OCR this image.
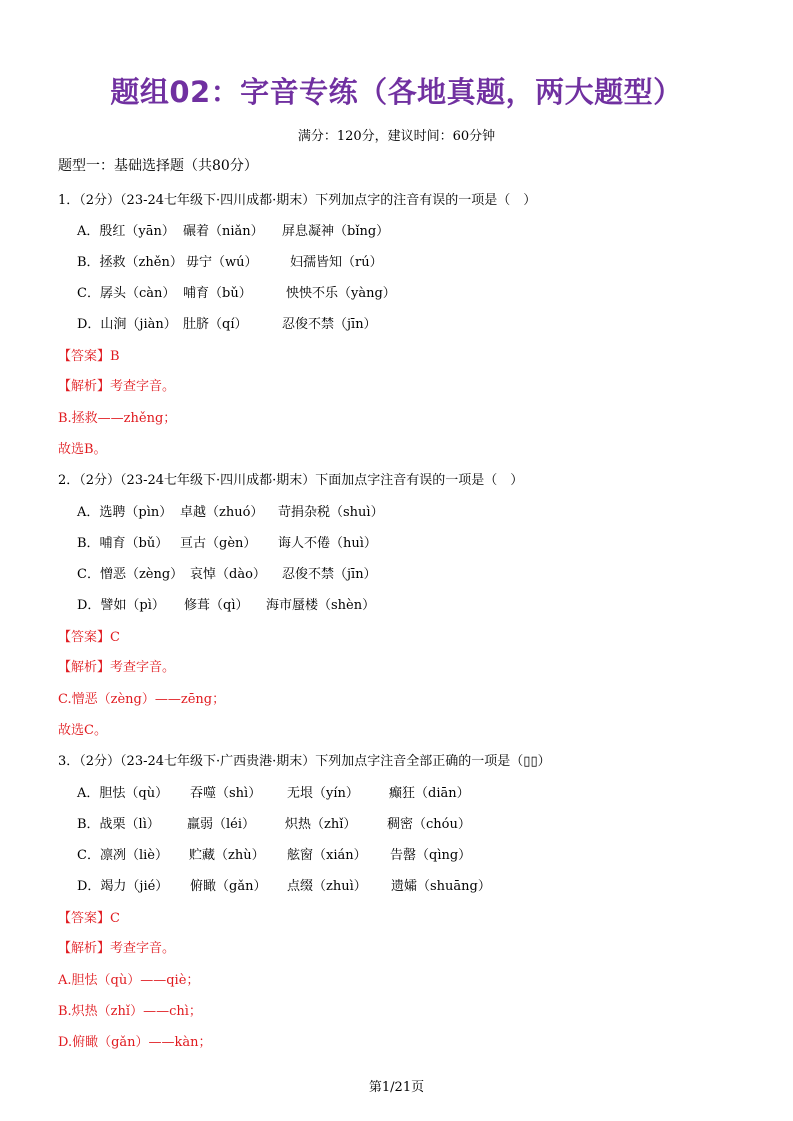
题组02：字音专练（各地真题，两大题型）
满分：120分，建议时间：60分钟
题型一：基础选择题（共80分）
1．（2分）（23-24七年级下·四川成都·期末）下列加点字的注音有误的一项是（　）
A．殷红（yān） 碾着（niǎn） 屏息凝神（bǐng）
B．拯救（zhěn） 毋宁（wú） 妇孺皆知（rú）
C．孱头（càn） 哺育（bǔ）	怏怏不乐（yàng）
D．山涧（jiàn） 肚脐（qí）	忍俊不禁（jīn）
【答案】B
【解析】考查字音。
B.拯救——zhěng；
故选B。
2．（2分）（23-24七年级下·四川成都·期末）下面加点字注音有误的一项是（　）
A．选聘（pìn） 卓越（zhuó） 苛捐杂税（shuì）
B．哺育（bǔ） 亘古（gèn） 诲人不倦（huì）
C．憎恶（zèng） 哀悼（dào） 忍俊不禁（jīn）
D．譬如（pì） 修葺（qì） 海市蜃楼（shèn）
【答案】C
【解析】考查字音。
C.憎恶（zèng）——zēng；
故选C。
3．（2分）（23-24七年级下·广西贵港·期末）下列加点字注音全部正确的一项是（▯▯）
A．胆怯（qù） 吞噬（shì） 无垠（yín） 癫狂（diān）
B．战栗（lì） 羸弱（léi） 炽热（zhǐ） 稠密（chóu）
C．凛冽（liè） 贮藏（zhù） 舷窗（xián） 告罄（qìng）
D．竭力（jié） 俯瞰（gǎn） 点缀（zhuì） 遗孀（shuāng）
【答案】C
【解析】考查字音。
A.胆怯（qù）——qiè；
B.炽热（zhǐ）——chì；
D.俯瞰（gǎn）——kàn；
第1/21页
